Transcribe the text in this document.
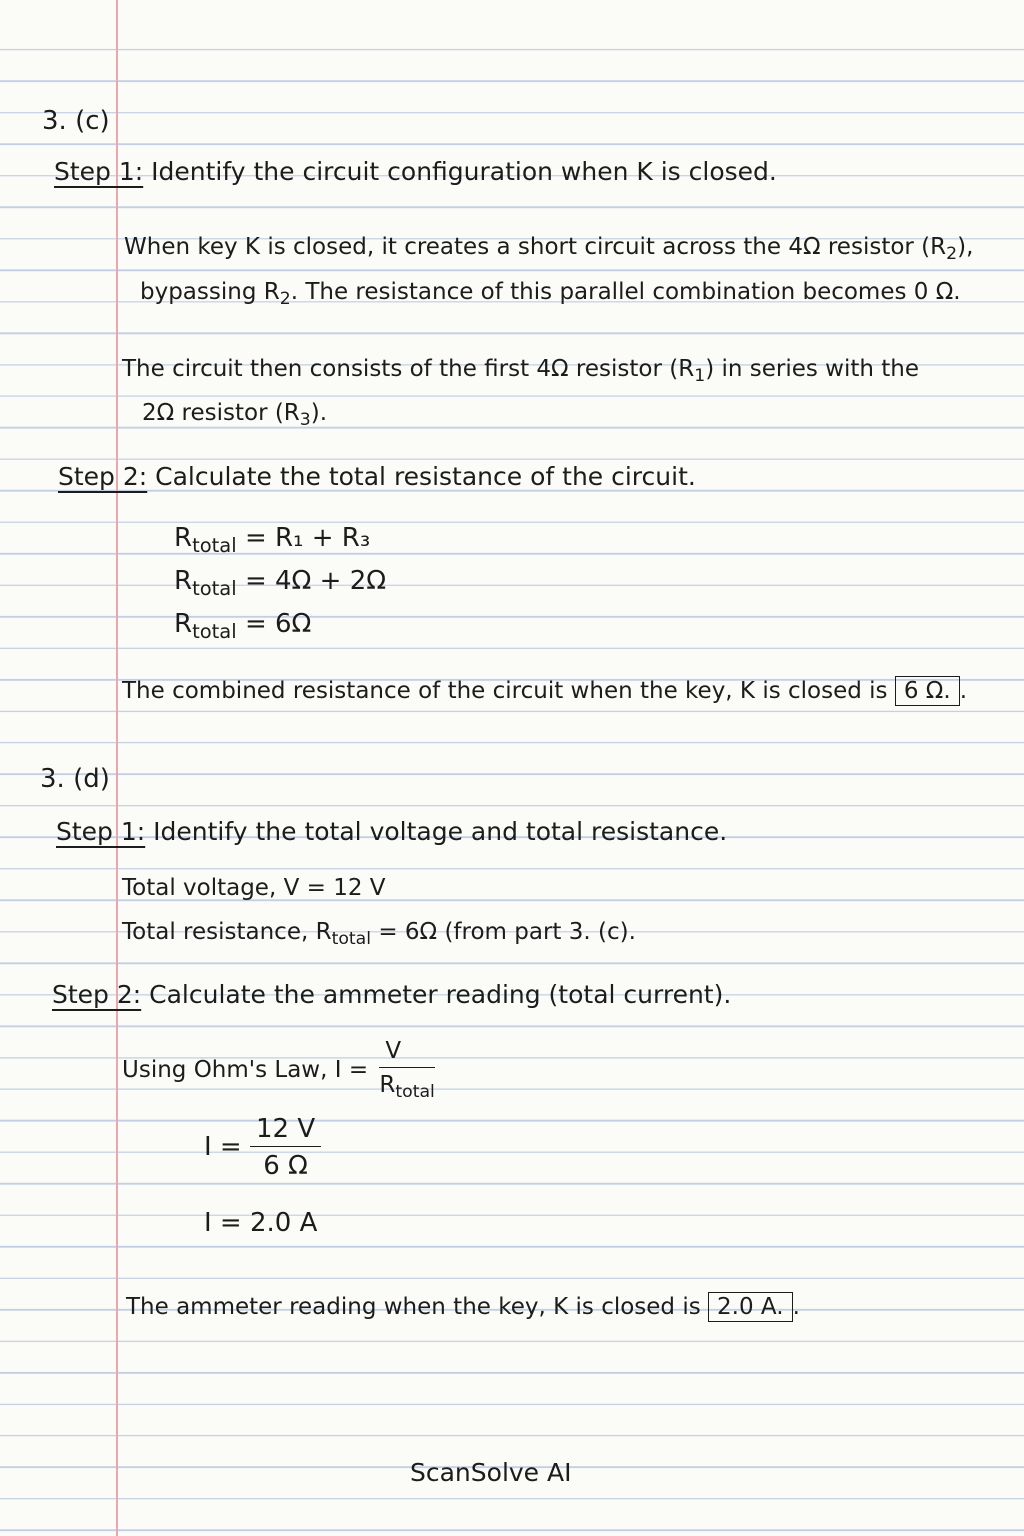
3. (c)
Step 1: Identify the circuit configuration when K is closed.
When key K is closed, it creates a short circuit across the 4Ω resistor $(R_2)$,
bypassing $R_2$. The resistance of this parallel combination becomes 0 Ω.
The circuit then consists of the first 4Ω resistor $(R_1)$ in series with the
2Ω resistor $(R_3)$.
Step 2: Calculate the total resistance of the circuit.
$R_{total} = R_1 + R_3$
$R_{total} = 4\Omega + 2\Omega$
$R_{total} = 6\Omega$
The combined resistance of the circuit when the key, K is closed is 6 Ω. .
3. (d)
Step 1: Identify the total voltage and total resistance.
Total voltage, V = 12 V
Total resistance, $R_{total} = 6\Omega$ (from part 3. (c).
Step 2: Calculate the ammeter reading (total current).
Using Ohm's Law, $I = \frac{V}{R_{total}}$
$I = \frac{12 V}{6 \Omega}$
I = 2.0 A
The ammeter reading when the key, K is closed is 2.0 A. .
ScanSolve AI
